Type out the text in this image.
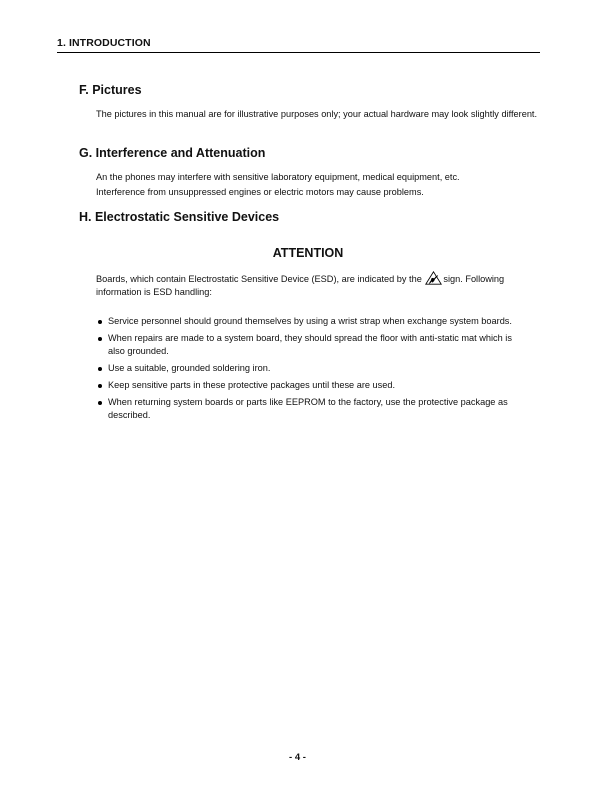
1. INTRODUCTION
F. Pictures

The pictures in this manual are for illustrative purposes only; your actual hardware may look slightly different.

G. Interference and Attenuation

An the phones may interfere with sensitive laboratory equipment, medical equipment, etc.

Interference from unsuppressed engines or electric motors may cause problems.

H. Electrostatic Sensitive Devices
ATTENTION

Boards, which contain Electrostatic Sensitive Device (ESD), are indicated by the sign. Following information is ESD handling:

Service personnel should ground themselves by using a wrist strap when exchange system boards.
When repairs are made to a system board, they should spread the floor with anti-static mat which is also grounded.
Use a suitable, grounded soldering iron.
Keep sensitive parts in these protective packages until these are used.
When returning system boards or parts like EEPROM to the factory, use the protective package as described.
- 4 -
